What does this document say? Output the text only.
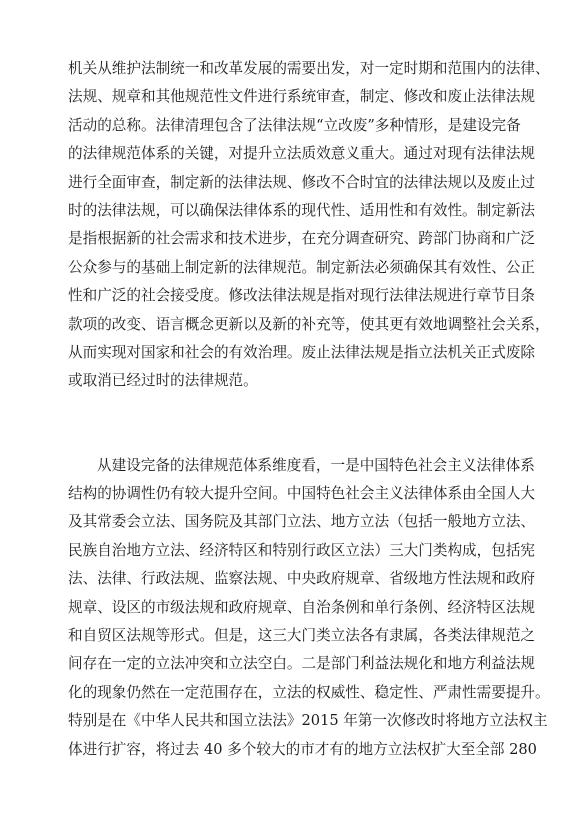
机关从维护法制统一和改革发展的需要出发，对一定时期和范围内的法律、
法规、规章和其他规范性文件进行系统审查，制定、修改和废止法律法规
活动的总称。法律清理包含了法律法规“立改废”多种情形，是建设完备
的法律规范体系的关键，对提升立法质效意义重大。通过对现有法律法规
进行全面审查，制定新的法律法规、修改不合时宜的法律法规以及废止过
时的法律法规，可以确保法律体系的现代性、适用性和有效性。制定新法
是指根据新的社会需求和技术进步，在充分调查研究、跨部门协商和广泛
公众参与的基础上制定新的法律规范。制定新法必须确保其有效性、公正
性和广泛的社会接受度。修改法律法规是指对现行法律法规进行章节目条
款项的改变、语言概念更新以及新的补充等，使其更有效地调整社会关系，
从而实现对国家和社会的有效治理。废止法律法规是指立法机关正式废除
或取消已经过时的法律规范。
从建设完备的法律规范体系维度看，一是中国特色社会主义法律体系
结构的协调性仍有较大提升空间。中国特色社会主义法律体系由全国人大
及其常委会立法、国务院及其部门立法、地方立法（包括一般地方立法、
民族自治地方立法、经济特区和特别行政区立法）三大门类构成，包括宪
法、法律、行政法规、监察法规、中央政府规章、省级地方性法规和政府
规章、设区的市级法规和政府规章、自治条例和单行条例、经济特区法规
和自贸区法规等形式。但是，这三大门类立法各有隶属，各类法律规范之
间存在一定的立法冲突和立法空白。二是部门利益法规化和地方利益法规
化的现象仍然在一定范围存在，立法的权威性、稳定性、严肃性需要提升。
特别是在《中华人民共和国立法法》2015 年第一次修改时将地方立法权主
体进行扩容，将过去 40 多个较大的市才有的地方立法权扩大至全部 280
